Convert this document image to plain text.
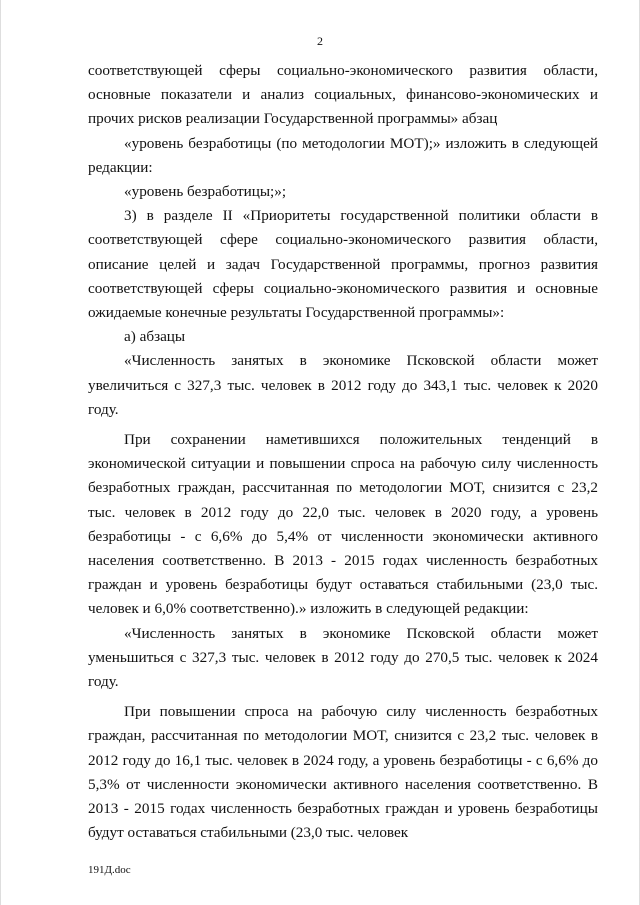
2

соответствующей сферы социально-экономического развития области, основные показатели и анализ социальных, финансово-экономических и прочих рисков реализации Государственной программы» абзац

«уровень безработицы (по методологии МОТ);» изложить в следующей редакции:

«уровень безработицы;»;

3) в разделе II «Приоритеты государственной политики области в соответствующей сфере социально-экономического развития области, описание целей и задач Государственной программы, прогноз развития соответствующей сферы социально-экономического развития и основные ожидаемые конечные результаты Государственной программы»:

а) абзацы

«Численность занятых в экономике Псковской области может увеличиться с 327,3 тыс. человек в 2012 году до 343,1 тыс. человек к 2020 году.

При сохранении наметившихся положительных тенденций в экономической ситуации и повышении спроса на рабочую силу численность безработных граждан, рассчитанная по методологии МОТ, снизится с 23,2 тыс. человек в 2012 году до 22,0 тыс. человек в 2020 году, а уровень безработицы - с 6,6% до 5,4% от численности экономически активного населения соответственно. В 2013 - 2015 годах численность безработных граждан и уровень безработицы будут оставаться стабильными (23,0 тыс. человек и 6,0% соответственно).» изложить в следующей редакции:

«Численность занятых в экономике Псковской области может уменьшиться с 327,3 тыс. человек в 2012 году до 270,5 тыс. человек к 2024 году.

При повышении спроса на рабочую силу численность безработных граждан, рассчитанная по методологии МОТ, снизится с 23,2 тыс. человек в 2012 году до 16,1 тыс. человек в 2024 году, а уровень безработицы - с 6,6% до 5,3% от численности экономически активного населения соответственно. В 2013 - 2015 годах численность безработных граждан и уровень безработицы будут оставаться стабильными (23,0 тыс. человек

191Д.doc
